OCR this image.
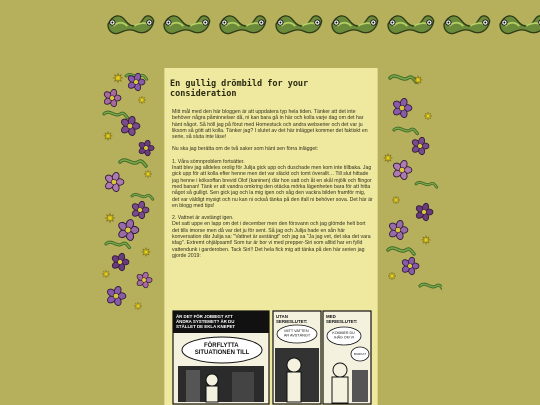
En gullig drömbild for your consideration

Mitt mål med den här bloggen är att uppdatera typ hela tiden. Tänker att det inte behöver några påminnelser då, ni kan bara gå in här och kolla varje dag om det har hänt något. Så höll jag på förut med Homestuck och andra webserier och det var ju liksom så gött att kolla. Tänker jag? I slutet av det här inlägget kommer det faktiskt en serie, så sluta inte läse!

Nu ska jag berätta om de två saker som hänt sen förra inlägget:

1. Våra sömnproblem fortsätter.
Inatt blev jag alldeles orolig för Julija gick upp och duschade men kom inte tillbaka. Jag gick upp för att kolla efter henne men det var släckt och tomt överallt… Till slut hittade jag henne i köksoffan brevid Olof (kaninen) där hon satt och åt en skål mjölk och flingor med banan! Tänk er att vandra omkring den otäcka mörka lägenheten bara för att hitta något så gulligt. Sen gick jag och la mig igen och såg den vackra bilden framför mig, det var väldigt mysigt och nu kan ni också tänka på den ifall ni behöver sova. Det här är en blogg med tips!

2. Vattnet är avstängt igen.
Det satt uppe en lapp om det i december men den försvann och jag glömde helt bort det tills imorse men då var det ju för sent. Så jag och Julija hade en sån här konversation där Julija sa: "Vattnet är avstängt" och jag sa "Ja jag vet, det ska det vara idag". Extremt ohjälpsamt! Som tur är bor vi med prepper-Siri som alltid har en fylld vattendunk i garderoben. Tack Siri!! Det hela fick mig att tänka på den här serien jag gjorde 2019:

ÄR DET FÖR JOBBIGT ATT ÄNDRA SYSTEMET? ÄR DU STÄLLET DE EKLA KNEPET
FÖRFLYTTA SITUATIONEN TILL
UTAN SERIESLUTET:
MITT VATTEN ÄR AVSTÄNGT
MED SERIESLUTET:
KOMMER DU IHÅG OM VI
BURKA?
